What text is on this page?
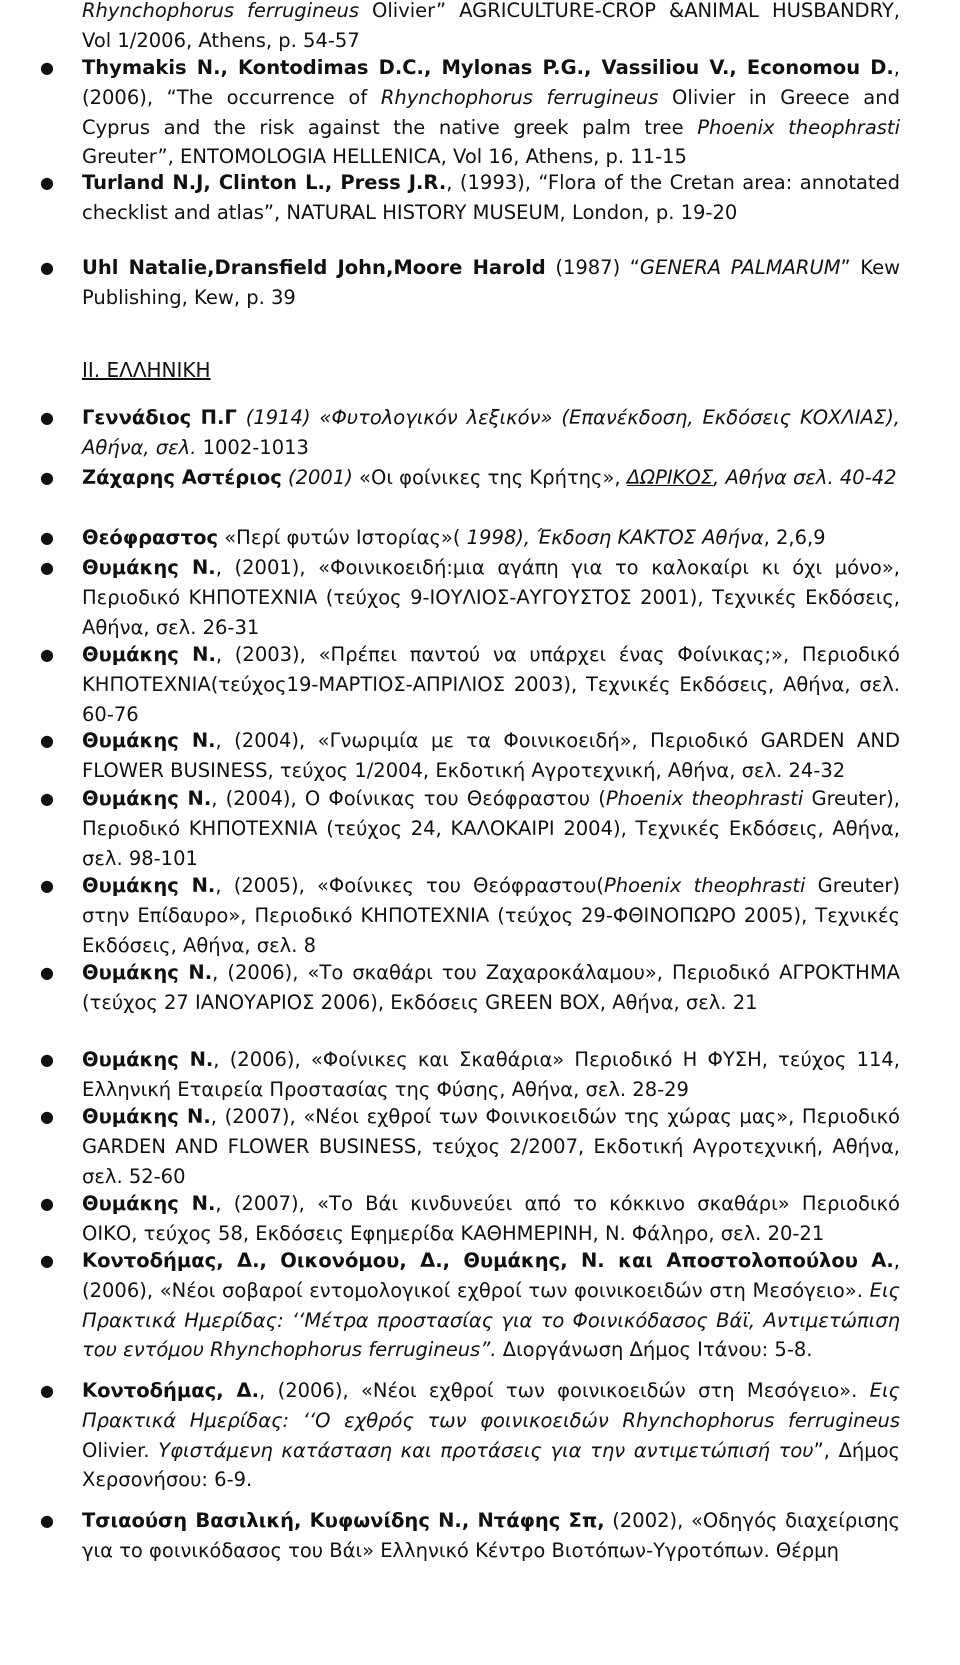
Rhynchophorus ferrugineus Olivier” AGRICULTURE-CROP &ANIMAL HUSBANDRY, Vol 1/2006, Athens, p. 54-57
● Thymakis N., Kontodimas D.C., Mylonas P.G., Vassiliou V., Economou D., (2006), “The occurrence of Rhynchophorus ferrugineus Olivier in Greece and Cyprus and the risk against the native greek palm tree Phoenix theophrasti Greuter”, ENTOMOLOGIA HELLENICA, Vol 16, Athens, p. 11-15
● Turland N.J, Clinton L., Press J.R., (1993), “Flora of the Cretan area: annotated checklist and atlas”, NATURAL HISTORY MUSEUM, London, p. 19-20
● Uhl Natalie,Dransfield John,Moore Harold (1987) “GENERA PALMARUM” Kew Publishing, Kew, p. 39
II. ΕΛΛΗΝΙΚΗ
● Γεννάδιος Π.Γ (1914) «Φυτολογικόν λεξικόν» (Επανέκδοση, Εκδόσεις ΚΟΧΛΙΑΣ), Αθήνα, σελ. 1002-1013
● Ζάχαρης Αστέριος (2001) «Οι φοίνικες της Κρήτης», ΔΩΡΙΚΟΣ, Αθήνα σελ. 40-42
● Θεόφραστος «Περί φυτών Ιστορίας»( 1998), Έκδοση ΚΑΚΤΟΣ Αθήνα, 2,6,9
● Θυμάκης Ν., (2001), «Φοινικοειδή:μια αγάπη για το καλοκαίρι κι όχι μόνο», Περιοδικό ΚΗΠΟΤΕΧΝΙΑ (τεύχος 9-ΙΟΥΛΙΟΣ-ΑΥΓΟΥΣΤΟΣ 2001), Τεχνικές Εκδόσεις, Αθήνα, σελ. 26-31
● Θυμάκης Ν., (2003), «Πρέπει παντού να υπάρχει ένας Φοίνικας;», Περιοδικό ΚΗΠΟΤΕΧΝΙΑ(τεύχος19-ΜΑΡΤΙΟΣ-ΑΠΡΙΛΙΟΣ 2003), Τεχνικές Εκδόσεις, Αθήνα, σελ. 60-76
● Θυμάκης Ν., (2004), «Γνωριμία με τα Φοινικοειδή», Περιοδικό GARDEN AND FLOWER BUSINESS, τεύχος 1/2004, Εκδοτική Αγροτεχνική, Αθήνα, σελ. 24-32
● Θυμάκης Ν., (2004), Ο Φοίνικας του Θεόφραστου (Phoenix theophrasti Greuter), Περιοδικό ΚΗΠΟΤΕΧΝΙΑ (τεύχος 24, ΚΑΛΟΚΑΙΡΙ 2004), Τεχνικές Εκδόσεις, Αθήνα, σελ. 98-101
● Θυμάκης Ν., (2005), «Φοίνικες του Θεόφραστου(Phoenix theophrasti Greuter) στην Επίδαυρο», Περιοδικό ΚΗΠΟΤΕΧΝΙΑ (τεύχος 29-ΦΘΙΝΟΠΩΡΟ 2005), Τεχνικές Εκδόσεις, Αθήνα, σελ. 8
● Θυμάκης Ν., (2006), «Το σκαθάρι του Ζαχαροκάλαμου», Περιοδικό ΑΓΡΟΚΤΗΜΑ (τεύχος 27 ΙΑΝΟΥΑΡΙΟΣ 2006), Εκδόσεις GREEN BOX, Αθήνα, σελ. 21
● Θυμάκης Ν., (2006), «Φοίνικες και Σκαθάρια» Περιοδικό Η ΦΥΣΗ, τεύχος 114, Ελληνική Εταιρεία Προστασίας της Φύσης, Αθήνα, σελ. 28-29
● Θυμάκης Ν., (2007), «Νέοι εχθροί των Φοινικοειδών της χώρας μας», Περιοδικό GARDEN AND FLOWER BUSINESS, τεύχος 2/2007, Εκδοτική Αγροτεχνική, Αθήνα, σελ. 52-60
● Θυμάκης Ν., (2007), «Το Βάι κινδυνεύει από το κόκκινο σκαθάρι» Περιοδικό ΟΙΚΟ, τεύχος 58, Εκδόσεις Εφημερίδα ΚΑΘΗΜΕΡΙΝΗ, Ν. Φάληρο, σελ. 20-21
● Κοντοδήμας, Δ., Οικονόμου, Δ., Θυμάκης, Ν. και Αποστολοπούλου Α., (2006), «Νέοι σοβαροί εντομολογικοί εχθροί των φοινικοειδών στη Μεσόγειο». Εις Πρακτικά Ημερίδας: ‘‘Μέτρα προστασίας για το Φοινικόδασος Βάϊ, Αντιμετώπιση του εντόμου Rhynchophorus ferrugineus”. Διοργάνωση Δήμος Ιτάνου: 5-8.
● Κοντοδήμας, Δ., (2006), «Νέοι εχθροί των φοινικοειδών στη Μεσόγειο». Εις Πρακτικά Ημερίδας: ‘‘Ο εχθρός των φοινικοειδών Rhynchophorus ferrugineus Olivier. Υφιστάμενη κατάσταση και προτάσεις για την αντιμετώπισή του”, Δήμος Χερσονήσου: 6-9.
● Τσιαούση Βασιλική, Κυφωνίδης Ν., Ντάφης Σπ, (2002), «Οδηγός διαχείρισης για το φοινικόδασος του Βάι» Ελληνικό Κέντρο Βιοτόπων-Υγροτόπων. Θέρμη
